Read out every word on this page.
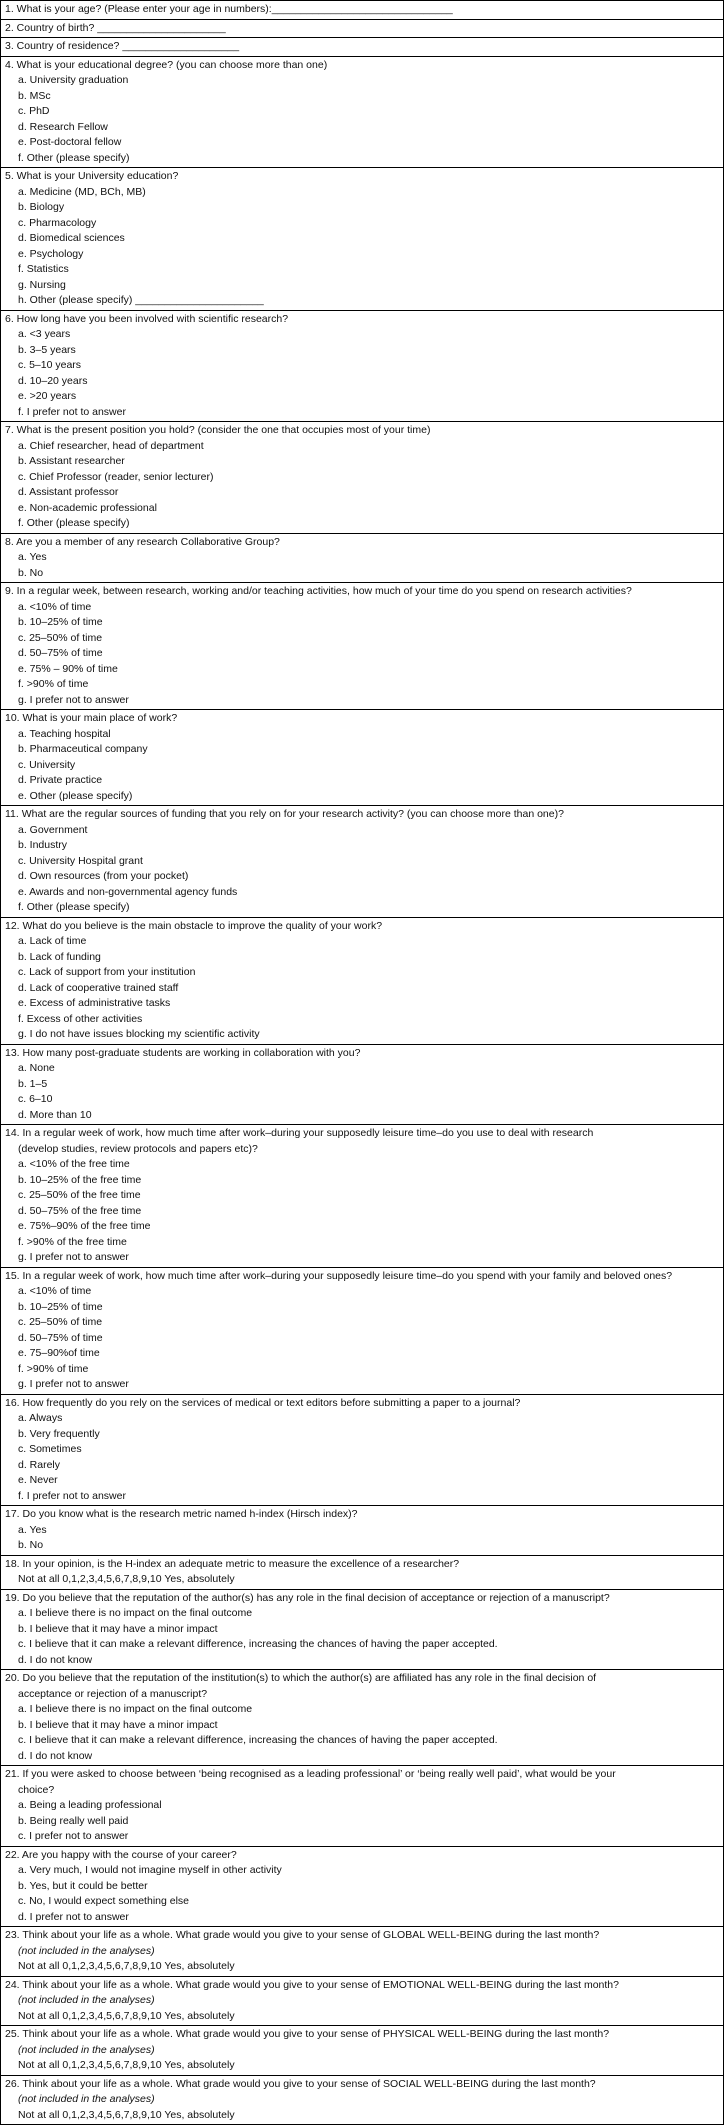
1. What is your age? (Please enter your age in numbers):_______________________________
2. Country of birth? ______________________
3. Country of residence? ____________________
4. What is your educational degree? (you can choose more than one)
a. University graduation
b. MSc
c. PhD
d. Research Fellow
e. Post-doctoral fellow
f. Other (please specify)
5. What is your University education?
a. Medicine (MD, BCh, MB)
b. Biology
c. Pharmacology
d. Biomedical sciences
e. Psychology
f. Statistics
g. Nursing
h. Other (please specify) ______________________
6. How long have you been involved with scientific research?
a. <3 years
b. 3–5 years
c. 5–10 years
d. 10–20 years
e. >20 years
f. I prefer not to answer
7. What is the present position you hold? (consider the one that occupies most of your time)
a. Chief researcher, head of department
b. Assistant researcher
c. Chief Professor (reader, senior lecturer)
d. Assistant professor
e. Non-academic professional
f. Other (please specify)
8. Are you a member of any research Collaborative Group?
a. Yes
b. No
9. In a regular week, between research, working and/or teaching activities, how much of your time do you spend on research activities?
a. <10% of time
b. 10–25% of time
c. 25–50% of time
d. 50–75% of time
e. 75% – 90% of time
f. >90% of time
g. I prefer not to answer
10. What is your main place of work?
a. Teaching hospital
b. Pharmaceutical company
c. University
d. Private practice
e. Other (please specify)
11. What are the regular sources of funding that you rely on for your research activity? (you can choose more than one)?
a. Government
b. Industry
c. University Hospital grant
d. Own resources (from your pocket)
e. Awards and non-governmental agency funds
f. Other (please specify)
12. What do you believe is the main obstacle to improve the quality of your work?
a. Lack of time
b. Lack of funding
c. Lack of support from your institution
d. Lack of cooperative trained staff
e. Excess of administrative tasks
f. Excess of other activities
g. I do not have issues blocking my scientific activity
13. How many post-graduate students are working in collaboration with you?
a. None
b. 1–5
c. 6–10
d. More than 10
14. In a regular week of work, how much time after work–during your supposedly leisure time–do you use to deal with research
(develop studies, review protocols and papers etc)?
a. <10% of the free time
b. 10–25% of the free time
c. 25–50% of the free time
d. 50–75% of the free time
e. 75%–90% of the free time
f. >90% of the free time
g. I prefer not to answer
15. In a regular week of work, how much time after work–during your supposedly leisure time–do you spend with your family and beloved ones?
a. <10% of time
b. 10–25% of time
c. 25–50% of time
d. 50–75% of time
e. 75–90%of time
f. >90% of time
g. I prefer not to answer
16. How frequently do you rely on the services of medical or text editors before submitting a paper to a journal?
a. Always
b. Very frequently
c. Sometimes
d. Rarely
e. Never
f. I prefer not to answer
17. Do you know what is the research metric named h-index (Hirsch index)?
a. Yes
b. No
18. In your opinion, is the H-index an adequate metric to measure the excellence of a researcher?
Not at all 0,1,2,3,4,5,6,7,8,9,10 Yes, absolutely
19. Do you believe that the reputation of the author(s) has any role in the final decision of acceptance or rejection of a manuscript?
a. I believe there is no impact on the final outcome
b. I believe that it may have a minor impact
c. I believe that it can make a relevant difference, increasing the chances of having the paper accepted.
d. I do not know
20. Do you believe that the reputation of the institution(s) to which the author(s) are affiliated has any role in the final decision of
acceptance or rejection of a manuscript?
a. I believe there is no impact on the final outcome
b. I believe that it may have a minor impact
c. I believe that it can make a relevant difference, increasing the chances of having the paper accepted.
d. I do not know
21. If you were asked to choose between ‘being recognised as a leading professional’ or ‘being really well paid’, what would be your
choice?
a. Being a leading professional
b. Being really well paid
c. I prefer not to answer
22. Are you happy with the course of your career?
a. Very much, I would not imagine myself in other activity
b. Yes, but it could be better
c. No, I would expect something else
d. I prefer not to answer
23. Think about your life as a whole. What grade would you give to your sense of GLOBAL WELL-BEING during the last month?
(not included in the analyses)
Not at all 0,1,2,3,4,5,6,7,8,9,10 Yes, absolutely
24. Think about your life as a whole. What grade would you give to your sense of EMOTIONAL WELL-BEING during the last month?
(not included in the analyses)
Not at all 0,1,2,3,4,5,6,7,8,9,10 Yes, absolutely
25. Think about your life as a whole. What grade would you give to your sense of PHYSICAL WELL-BEING during the last month?
(not included in the analyses)
Not at all 0,1,2,3,4,5,6,7,8,9,10 Yes, absolutely
26. Think about your life as a whole. What grade would you give to your sense of SOCIAL WELL-BEING during the last month?
(not included in the analyses)
Not at all 0,1,2,3,4,5,6,7,8,9,10 Yes, absolutely
